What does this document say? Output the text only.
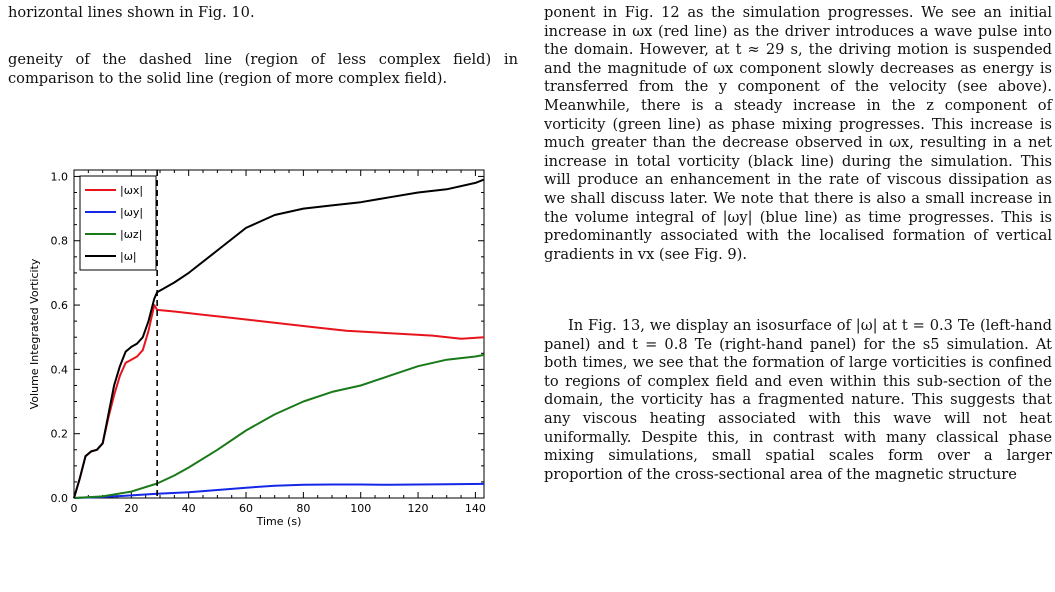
horizontal lines shown in Fig. 10.

geneity of the dashed line (region of less complex field) in comparison to the solid line (region of more complex field).

0	20	40	60	80	100	120	140
0.0
0.2
0.4
0.6
0.8
1.0
Time (s)
Volume Integrated Vorticity
|ωx|
|ωy|
|ωz|
|ω|

ponent in Fig. 12 as the simulation progresses. We see an initial increase in ωx (red line) as the driver introduces a wave pulse into the domain. However, at t ≈ 29 s, the driving motion is suspended and the magnitude of ωx component slowly decreases as energy is transferred from the y component of the velocity (see above). Meanwhile, there is a steady increase in the z component of vorticity (green line) as phase mixing progresses. This increase is much greater than the decrease observed in ωx, resulting in a net increase in total vorticity (black line) during the simulation. This will produce an enhancement in the rate of viscous dissipation as we shall discuss later. We note that there is also a small increase in the volume integral of |ωy| (blue line) as time progresses. This is predominantly associated with the localised formation of vertical gradients in vx (see Fig. 9).

In Fig. 13, we display an isosurface of |ω| at t = 0.3 Te (left-hand panel) and t = 0.8 Te (right-hand panel) for the s5 simulation. At both times, we see that the formation of large vorticities is confined to regions of complex field and even within this sub-section of the domain, the vorticity has a fragmented nature. This suggests that any viscous heating associated with this wave will not heat uniformally. Despite this, in contrast with many classical phase mixing simulations, small spatial scales form over a larger proportion of the cross-sectional area of the magnetic structure
